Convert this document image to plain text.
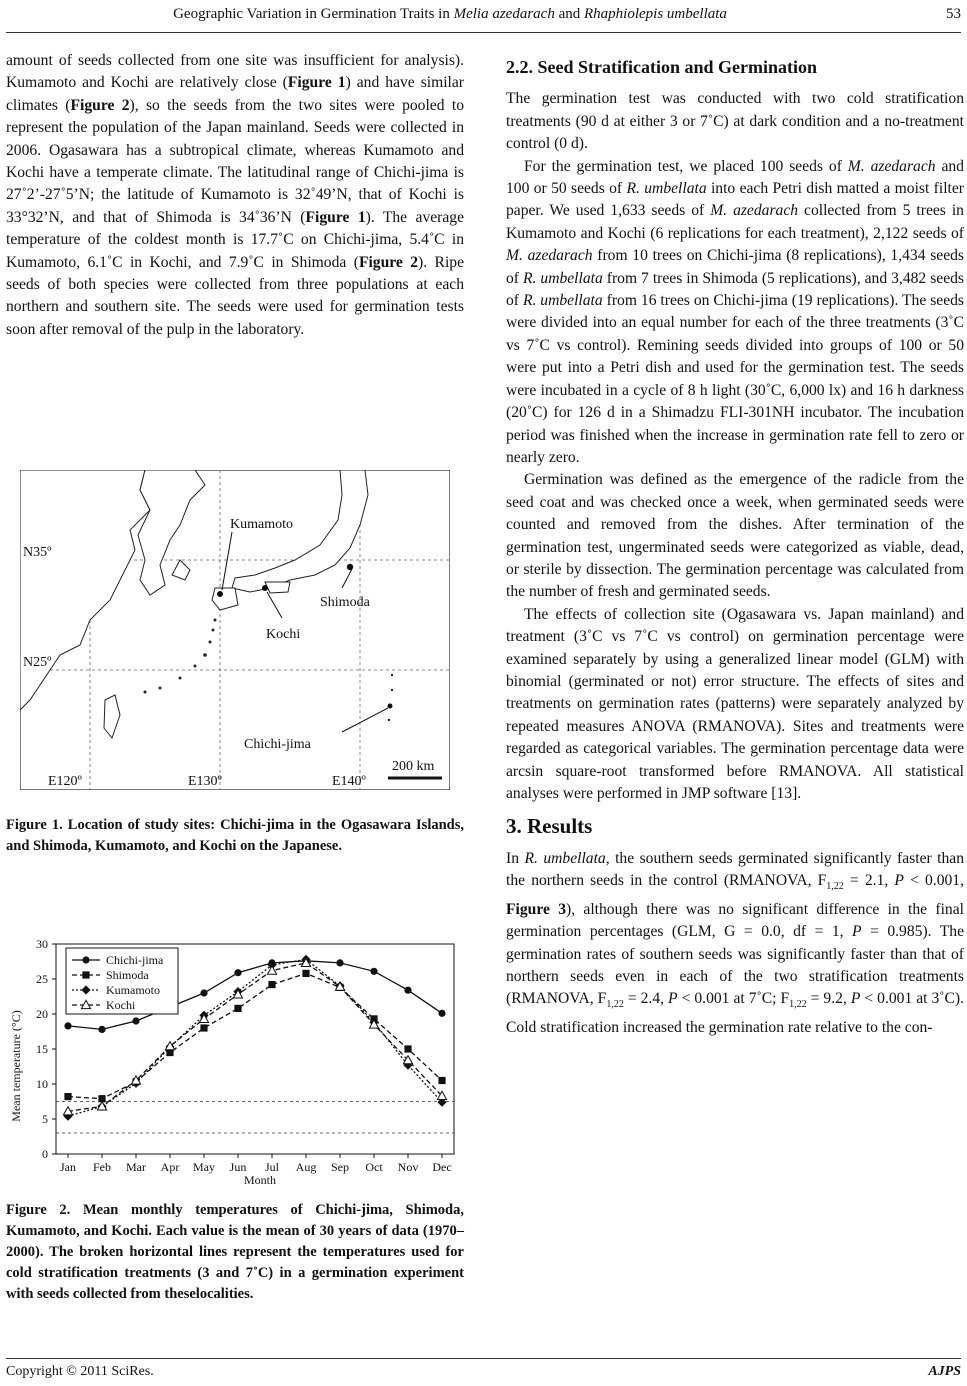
Geographic Variation in Germination Traits in Melia azedarach and Rhaphiolepis umbellata	53

amount of seeds collected from one site was insufficient for analysis). Kumamoto and Kochi are relatively close (Figure 1) and have similar climates (Figure 2), so the seeds from the two sites were pooled to represent the population of the Japan mainland. Seeds were collected in 2006. Ogasawara has a subtropical climate, whereas Kumamoto and Kochi have a temperate climate. The latitudinal range of Chichi-jima is 27˚2’-27˚5’N; the latitude of Kumamoto is 32˚49’N, that of Kochi is 33°32’N, and that of Shimoda is 34˚36’N (Figure 1). The average temperature of the coldest month is 17.7˚C on Chichi-jima, 5.4˚C in Kumamoto, 6.1˚C in Kochi, and 7.9˚C in Shimoda (Figure 2). Ripe seeds of both species were collected from three populations at each northern and southern site. The seeds were used for germination tests soon after removal of the pulp in the laboratory.

Kumamoto
Shimoda
Kochi
Chichi-jima
N35º
N25º
E120º	E130º	E140º
200 km
Figure 1. Location of study sites: Chichi-jima in the Ogasawara Islands, and Shimoda, Kumamoto, and Kochi on the Japanese.
0
5
10
15
20
25
30
Jan Feb Mar Apr May Jun Jul Aug Sep Oct Nov Dec
Chichi-jima
Shimoda
Kumamoto
Kochi
Mean temperature (°C)
Month
Figure 2. Mean monthly temperatures of Chichi-jima, Shimoda, Kumamoto, and Kochi. Each value is the mean of 30 years of data (1970–2000). The broken horizontal lines represent the temperatures used for cold stratification treatments (3 and 7˚C) in a germination experiment with seeds collected from theselocalities.
2.2. Seed Stratification and Germination

The germination test was conducted with two cold stratification treatments (90 d at either 3 or 7˚C) at dark condition and a no-treatment control (0 d).

For the germination test, we placed 100 seeds of M. azedarach and 100 or 50 seeds of R. umbellata into each Petri dish matted a moist filter paper. We used 1,633 seeds of M. azedarach collected from 5 trees in Kumamoto and Kochi (6 replications for each treatment), 2,122 seeds of M. azedarach from 10 trees on Chichi-jima (8 replications), 1,434 seeds of R. umbellata from 7 trees in Shimoda (5 replications), and 3,482 seeds of R. umbellata from 16 trees on Chichi-jima (19 replications). The seeds were divided into an equal number for each of the three treatments (3˚C vs 7˚C vs control). Remining seeds divided into groups of 100 or 50 were put into a Petri dish and used for the germination test. The seeds were incubated in a cycle of 8 h light (30˚C, 6,000 lx) and 16 h darkness (20˚C) for 126 d in a Shimadzu FLI-301NH incubator. The incubation period was finished when the increase in germination rate fell to zero or nearly zero.

Germination was defined as the emergence of the radicle from the seed coat and was checked once a week, when germinated seeds were counted and removed from the dishes. After termination of the germination test, ungerminated seeds were categorized as viable, dead, or sterile by dissection. The germination percentage was calculated from the number of fresh and germinated seeds.

The effects of collection site (Ogasawara vs. Japan mainland) and treatment (3˚C vs 7˚C vs control) on germination percentage were examined separately by using a generalized linear model (GLM) with binomial (germinated or not) error structure. The effects of sites and treatments on germination rates (patterns) were separately analyzed by repeated measures ANOVA (RMANOVA). Sites and treatments were regarded as categorical variables. The germination percentage data were arcsin square-root transformed before RMANOVA. All statistical analyses were performed in JMP software [13].

3. Results

In R. umbellata, the southern seeds germinated significantly faster than the northern seeds in the control (RMANOVA, $F_{1,22} = 2.1$, P < 0.001, Figure 3), although there was no significant difference in the final germination percentages (GLM, G = 0.0, df = 1, P = 0.985). The germination rates of southern seeds was significantly faster than that of northern seeds even in each of the two stratification treatments (RMANOVA, $F_{1,22} = 2.4$, P < 0.001 at 7˚C; $F_{1,22} = 9.2$, P < 0.001 at 3˚C). Cold stratification increased the germination rate relative to the con-

Copyright © 2011 SciRes.	AJPS
